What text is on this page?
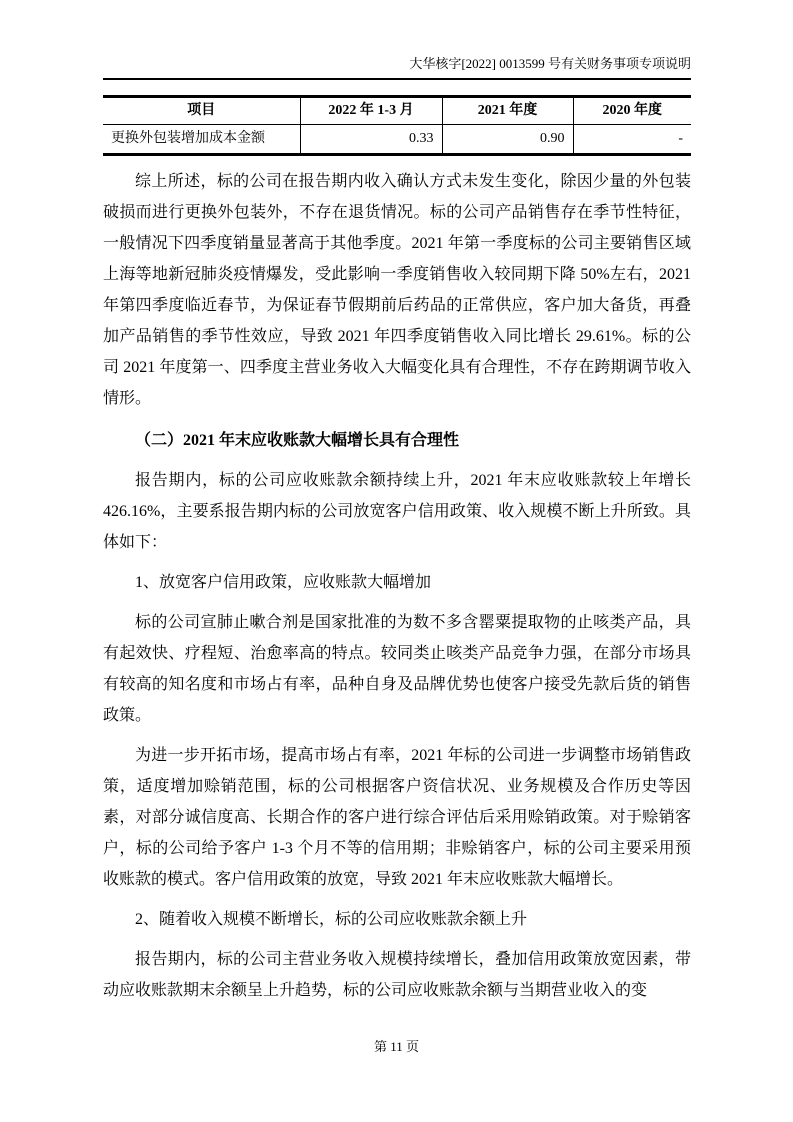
大华核字[2022] 0013599 号有关财务事项专项说明
项目	2022 年 1-3 月	2021 年度	2020 年度
更换外包装增加成本金额	0.33	0.90	-

综上所述，标的公司在报告期内收入确认方式未发生变化，除因少量的外包装破损而进行更换外包装外，不存在退货情况。标的公司产品销售存在季节性特征，一般情况下四季度销量显著高于其他季度。2021 年第一季度标的公司主要销售区域上海等地新冠肺炎疫情爆发，受此影响一季度销售收入较同期下降 50%左右，2021 年第四季度临近春节，为保证春节假期前后药品的正常供应，客户加大备货，再叠加产品销售的季节性效应，导致 2021 年四季度销售收入同比增长 29.61%。标的公司 2021 年度第一、四季度主营业务收入大幅变化具有合理性，不存在跨期调节收入情形。

（二）2021 年末应收账款大幅增长具有合理性

报告期内，标的公司应收账款余额持续上升，2021 年末应收账款较上年增长 426.16%，主要系报告期内标的公司放宽客户信用政策、收入规模不断上升所致。具体如下：

1、放宽客户信用政策，应收账款大幅增加

标的公司宣肺止嗽合剂是国家批准的为数不多含罂粟提取物的止咳类产品，具有起效快、疗程短、治愈率高的特点。较同类止咳类产品竞争力强，在部分市场具有较高的知名度和市场占有率，品种自身及品牌优势也使客户接受先款后货的销售政策。

为进一步开拓市场，提高市场占有率，2021 年标的公司进一步调整市场销售政策，适度增加赊销范围，标的公司根据客户资信状况、业务规模及合作历史等因素，对部分诚信度高、长期合作的客户进行综合评估后采用赊销政策。对于赊销客户，标的公司给予客户 1-3 个月不等的信用期；非赊销客户，标的公司主要采用预收账款的模式。客户信用政策的放宽，导致 2021 年末应收账款大幅增长。

2、随着收入规模不断增长，标的公司应收账款余额上升

报告期内，标的公司主营业务收入规模持续增长，叠加信用政策放宽因素，带动应收账款期末余额呈上升趋势，标的公司应收账款余额与当期营业收入的变

第 11 页
